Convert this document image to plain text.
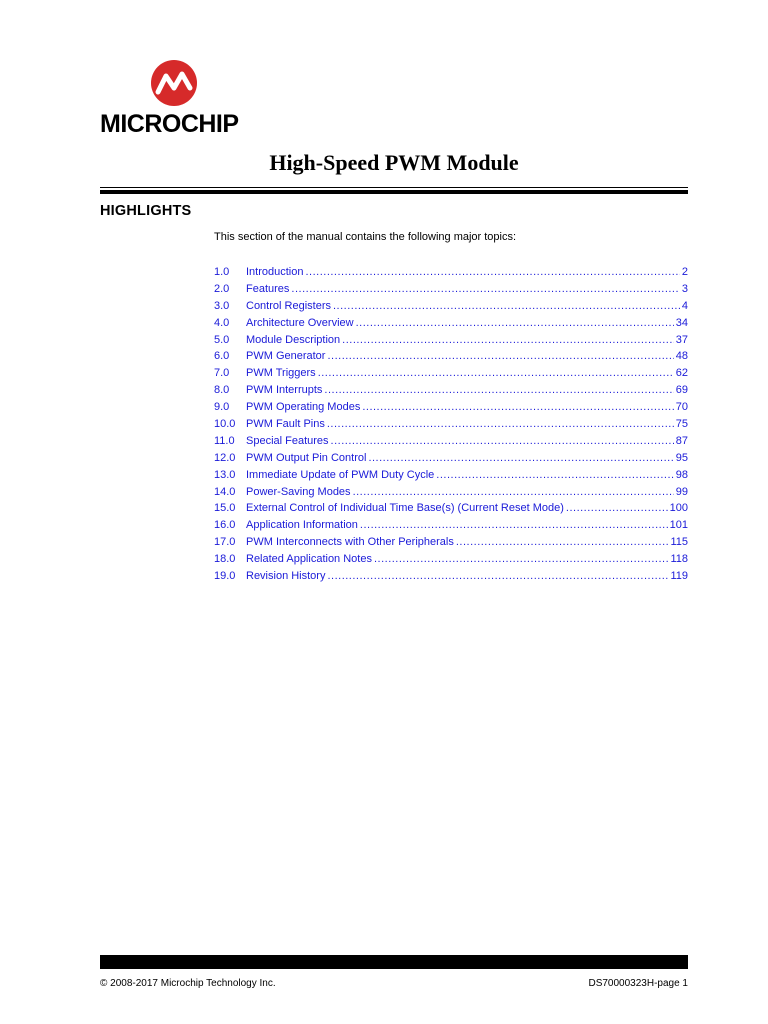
MICROCHIP
High-Speed PWM Module
HIGHLIGHTS
This section of the manual contains the following major topics:
1.0	Introduction .....	2
2.0	Features .....	3
3.0	Control Registers .....	4
4.0	Architecture Overview .....	34
5.0	Module Description .....	37
6.0	PWM Generator .....	48
7.0	PWM Triggers .....	62
8.0	PWM Interrupts .....	69
9.0	PWM Operating Modes .....	70
10.0 PWM Fault Pins .....	75
11.0	Special Features .....	87
12.0 PWM Output Pin Control .....	95
13.0 Immediate Update of PWM Duty Cycle .....	98
14.0 Power-Saving Modes .....	99
15.0 External Control of Individual Time Base(s) (Current Reset Mode) .....	100
16.0 Application Information .....	101
17.0 PWM Interconnects with Other Peripherals .....	115
18.0 Related Application Notes .....	118
19.0 Revision History .....	119
© 2008-2017 Microchip Technology Inc.	DS70000323H-page 1
